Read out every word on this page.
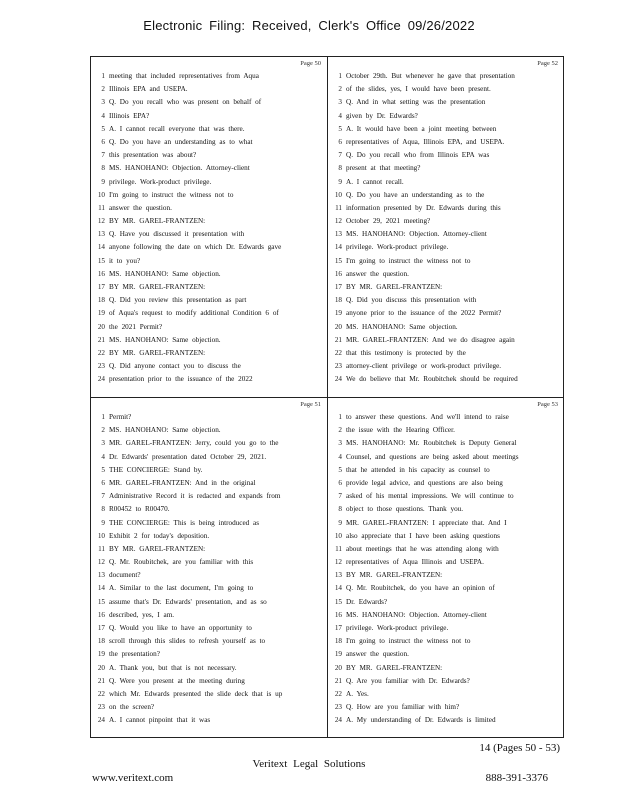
Electronic Filing: Received, Clerk's Office 09/26/2022
Page 50
1 meeting that included representatives from Aqua
2 Illinois EPA and USEPA.
3 Q. Do you recall who was present on behalf of
4 Illinois EPA?
5 A. I cannot recall everyone that was there.
6 Q. Do you have an understanding as to what
7 this presentation was about?
8 MS. HANOHANO: Objection. Attorney-client
9 privilege. Work-product privilege.
10 I'm going to instruct the witness not to
11 answer the question.
12 BY MR. GAREL-FRANTZEN:
13 Q. Have you discussed it presentation with
14 anyone following the date on which Dr. Edwards gave
15 it to you?
16 MS. HANOHANO: Same objection.
17 BY MR. GAREL-FRANTZEN:
18 Q. Did you review this presentation as part
19 of Aqua's request to modify additional Condition 6 of
20 the 2021 Permit?
21 MS. HANOHANO: Same objection.
22 BY MR. GAREL-FRANTZEN:
23 Q. Did anyone contact you to discuss the
24 presentation prior to the issuance of the 2022
Page 52
1 October 29th. But whenever he gave that presentation
2 of the slides, yes, I would have been present.
3 Q. And in what setting was the presentation
4 given by Dr. Edwards?
5 A. It would have been a joint meeting between
6 representatives of Aqua, Illinois EPA, and USEPA.
7 Q. Do you recall who from Illinois EPA was
8 present at that meeting?
9 A. I cannot recall.
10 Q. Do you have an understanding as to the
11 information presented by Dr. Edwards during this
12 October 29, 2021 meeting?
13 MS. HANOHANO: Objection. Attorney-client
14 privilege. Work-product privilege.
15 I'm going to instruct the witness not to
16 answer the question.
17 BY MR. GAREL-FRANTZEN:
18 Q. Did you discuss this presentation with
19 anyone prior to the issuance of the 2022 Permit?
20 MS. HANOHANO: Same objection.
21 MR. GAREL-FRANTZEN: And we do disagree again
22 that this testimony is protected by the
23 attorney-client privilege or work-product privilege.
24 We do believe that Mr. Roubitchek should be required
Page 51
1 Permit?
2 MS. HANOHANO: Same objection.
3 MR. GAREL-FRANTZEN: Jerry, could you go to the
4 Dr. Edwards' presentation dated October 29, 2021.
5 THE CONCIERGE: Stand by.
6 MR. GAREL-FRANTZEN: And in the original
7 Administrative Record it is redacted and expands from
8 R00452 to R00470.
9 THE CONCIERGE: This is being introduced as
10 Exhibit 2 for today's deposition.
11 BY MR. GAREL-FRANTZEN:
12 Q. Mr. Roubitchek, are you familiar with this
13 document?
14 A. Similar to the last document, I'm going to
15 assume that's Dr. Edwards' presentation, and as so
16 described, yes, I am.
17 Q. Would you like to have an opportunity to
18 scroll through this slides to refresh yourself as to
19 the presentation?
20 A. Thank you, but that is not necessary.
21 Q. Were you present at the meeting during
22 which Mr. Edwards presented the slide deck that is up
23 on the screen?
24 A. I cannot pinpoint that it was
Page 53
1 to answer these questions. And we'll intend to raise
2 the issue with the Hearing Officer.
3 MS. HANOHANO: Mr. Roubitchek is Deputy General
4 Counsel, and questions are being asked about meetings
5 that he attended in his capacity as counsel to
6 provide legal advice, and questions are also being
7 asked of his mental impressions. We will continue to
8 object to those questions. Thank you.
9 MR. GAREL-FRANTZEN: I appreciate that. And I
10 also appreciate that I have been asking questions
11 about meetings that he was attending along with
12 representatives of Aqua Illinois and USEPA.
13 BY MR. GAREL-FRANTZEN:
14 Q. Mr. Roubitchek, do you have an opinion of
15 Dr. Edwards?
16 MS. HANOHANO: Objection. Attorney-client
17 privilege. Work-product privilege.
18 I'm going to instruct the witness not to
19 answer the question.
20 BY MR. GAREL-FRANTZEN:
21 Q. Are you familiar with Dr. Edwards?
22 A. Yes.
23 Q. How are you familiar with him?
24 A. My understanding of Dr. Edwards is limited
14 (Pages 50 - 53)
Veritext Legal Solutions
www.veritext.com	888-391-3376
